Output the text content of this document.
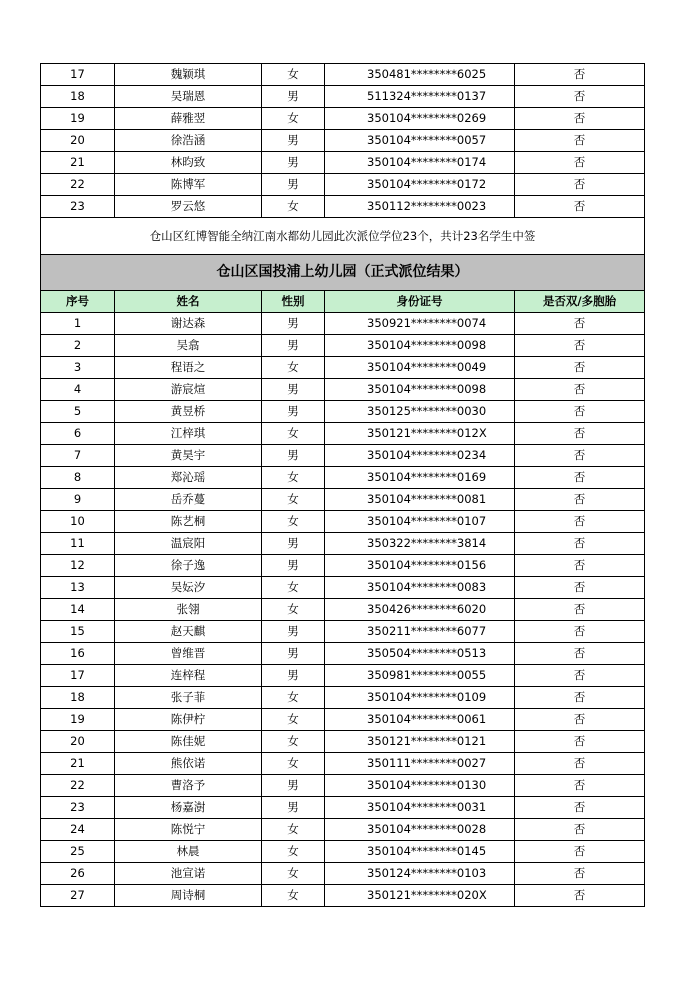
17	魏颖琪	女	350481********6025	否
18	吴瑞恩	男	511324********0137	否
19	薛雅翌	女	350104********0269	否
20	徐浩涵	男	350104********0057	否
21	林昀致	男	350104********0174	否
22	陈博军	男	350104********0172	否
23	罗云悠	女	350112********0023	否
仓山区红博智能全纳江南水都幼儿园此次派位学位23个，共计23名学生中签				
仓山区国投浦上幼儿园（正式派位结果）				
序号	姓名	性别	身份证号	是否双/多胞胎
1	谢达森	男	350921********0074	否
2	吴翕	男	350104********0098	否
3	程语之	女	350104********0049	否
4	游宸煊	男	350104********0098	否
5	黄昱桥	男	350125********0030	否
6	江梓琪	女	350121********012X	否
7	黄昊宇	男	350104********0234	否
8	郑沁瑶	女	350104********0169	否
9	岳乔蔓	女	350104********0081	否
10	陈艺桐	女	350104********0107	否
11	温宸阳	男	350322********3814	否
12	徐子逸	男	350104********0156	否
13	吴妘汐	女	350104********0083	否
14	张翎	女	350426********6020	否
15	赵天麒	男	350211********6077	否
16	曾维晋	男	350504********0513	否
17	连梓程	男	350981********0055	否
18	张子菲	女	350104********0109	否
19	陈伊柠	女	350104********0061	否
20	陈佳妮	女	350121********0121	否
21	熊依诺	女	350111********0027	否
22	曹洛予	男	350104********0130	否
23	杨嘉澍	男	350104********0031	否
24	陈悦宁	女	350104********0028	否
25	林晨	女	350104********0145	否
26	池宣诺	女	350124********0103	否
27	周诗桐	女	350121********020X	否
